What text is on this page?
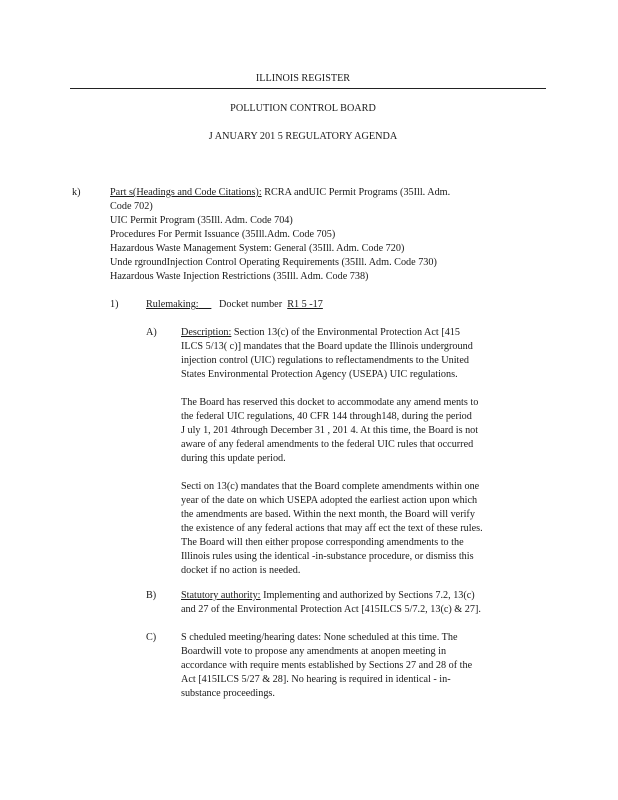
ILLINOIS REGISTER
POLLUTION CONTROL BOARD
J ANUARY 201 5 REGULATORY AGENDA
k)	Part s(Headings and Code Citations): RCRA andUIC Permit Programs (35Ill. Adm.
Code 702)
UIC Permit Program (35Ill. Adm. Code 704)
Procedures For Permit Issuance (35Ill.Adm. Code 705)
Hazardous Waste Management System: General (35Ill. Adm. Code 720)
Unde rgroundInjection Control Operating Requirements (35Ill. Adm. Code 730)
Hazardous Waste Injection Restrictions (35Ill. Adm. Code 738)
1)	Rulemaking: Docket number R1 5 -17
A) Description: Section 13(c) of the Environmental Protection Act [415
ILCS 5/13( c)] mandates that the Board update the Illinois underground
injection control (UIC) regulations to reflectamendments to the United
States Environmental Protection Agency (USEPA) UIC regulations.
The Board has reserved this docket to accommodate any amend ments to
the federal UIC regulations, 40 CFR 144 through148, during the period
J uly 1, 201 4through December 31 , 201 4. At this time, the Board is not
aware of any federal amendments to the federal UIC rules that occurred
during this update period.
Secti on 13(c) mandates that the Board complete amendments within one
year of the date on which USEPA adopted the earliest action upon which
the amendments are based. Within the next month, the Board will verify
the existence of any federal actions that may aff ect the text of these rules.
The Board will then either propose corresponding amendments to the
Illinois rules using the identical -in-substance procedure, or dismiss this
docket if no action is needed.
B) Statutory authority: Implementing and authorized by Sections 7.2, 13(c)
and 27 of the Environmental Protection Act [415ILCS 5/7.2, 13(c) & 27].
C) S cheduled meeting/hearing dates: None scheduled at this time. The
Boardwill vote to propose any amendments at anopen meeting in
accordance with require ments established by Sections 27 and 28 of the
Act [415ILCS 5/27 & 28]. No hearing is required in identical - in-
substance proceedings.
